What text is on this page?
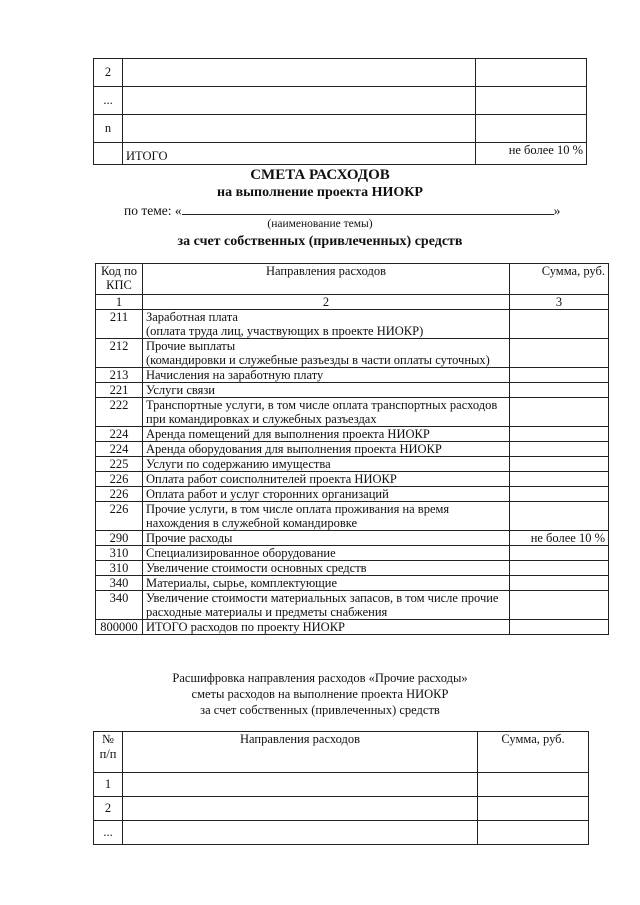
2		
...		
n		
	ИТОГО	не более 10 %
СМЕТА РАСХОДОВ
на выполнение проекта НИОКР
по теме: «	»
(наименование темы)
за счет собственных (привлеченных) средств
Код по КПС	Направления расходов	Сумма, руб.
1	2	3
211	Заработная плата
(оплата труда лиц, участвующих в проекте НИОКР)	

212	Прочие выплаты
(командировки и служебные разъезды в части оплаты суточных)	

213	Начисления на заработную плату	

221	Услуги связи	

222	Транспортные услуги, в том числе оплата транспортных расходов
при командировках и служебных разъездах	

224	Аренда помещений для выполнения проекта НИОКР	

224	Аренда оборудования для выполнения проекта НИОКР	

225	Услуги по содержанию имущества	

226	Оплата работ соисполнителей проекта НИОКР	

226	Оплата работ и услуг сторонних организаций	

226	Прочие услуги, в том числе оплата проживания на время
нахождения в служебной командировке	

290	Прочие расходы	не более 10 %
310	Специализированное оборудование	

310	Увеличение стоимости основных средств	

340	Материалы, сырье, комплектующие	

340	Увеличение стоимости материальных запасов, в том числе прочие
расходные материалы и предметы снабжения	

800000	ИТОГО расходов по проекту НИОКР	

Расшифровка направления расходов «Прочие расходы»
сметы расходов на выполнение проекта НИОКР
за счет собственных (привлеченных) средств
№ п/п	Направления расходов	Сумма, руб.
1		
2		
...		
